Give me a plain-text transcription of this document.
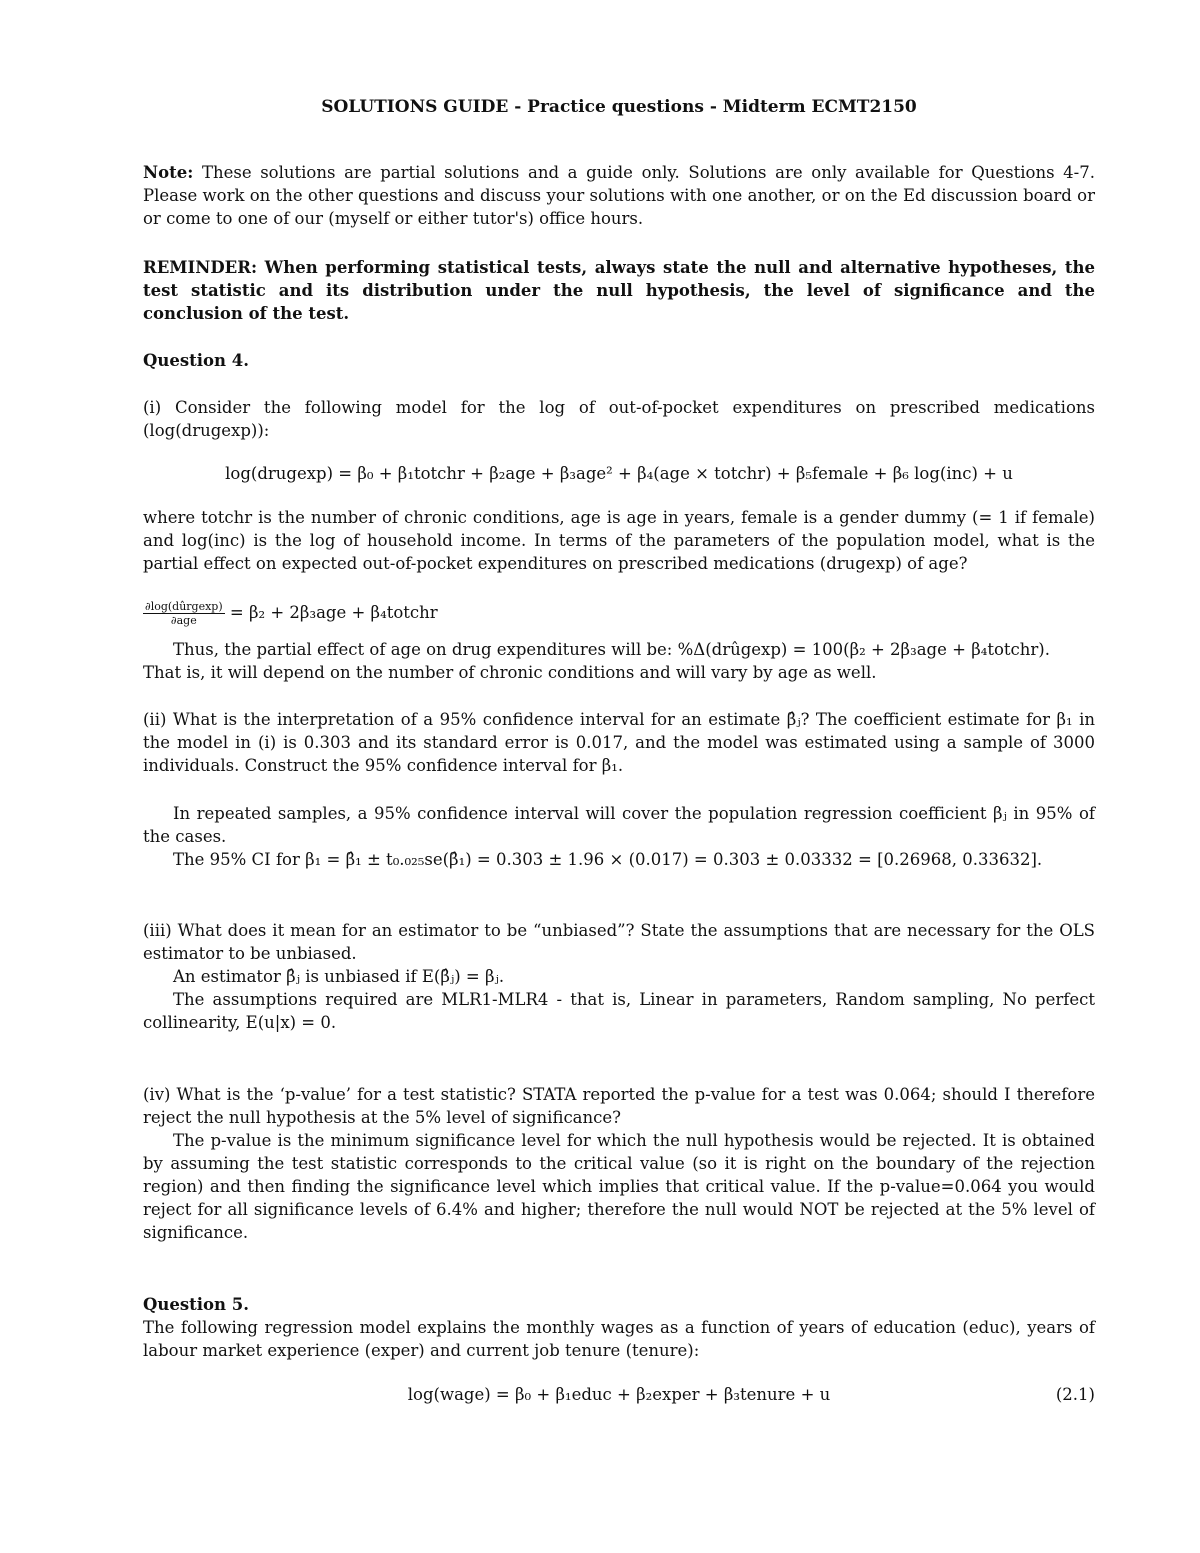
SOLUTIONS GUIDE - Practice questions - Midterm ECMT2150
Note: These solutions are partial solutions and a guide only. Solutions are only available for Questions 4-7. Please work on the other questions and discuss your solutions with one another, or on the Ed discussion board or or come to one of our (myself or either tutor's) office hours.
REMINDER: When performing statistical tests, always state the null and alternative hypotheses, the test statistic and its distribution under the null hypothesis, the level of significance and the conclusion of the test.
Question 4.
(i) Consider the following model for the log of out-of-pocket expenditures on prescribed medications (log(drugexp)):
log(drugexp) = β₀ + β₁totchr + β₂age + β₃age² + β₄(age × totchr) + β₅female + β₆ log(inc) + u
where totchr is the number of chronic conditions, age is age in years, female is a gender dummy (= 1 if female) and log(inc) is the log of household income. In terms of the parameters of the population model, what is the partial effect on expected out-of-pocket expenditures on prescribed medications (drugexp) of age?
$\frac{\text{∂log(dûrgexp)}}{\text{∂age}} = \beta_2 + 2\beta_3age$ + β₄totchr
Thus, the partial effect of age on drug expenditures will be: %Δ(drûgexp) = 100(β₂ + 2β₃age + β₄totchr).
That is, it will depend on the number of chronic conditions and will vary by age as well.
(ii) What is the interpretation of a 95% confidence interval for an estimate β̂ⱼ? The coefficient estimate for β₁ in the model in (i) is 0.303 and its standard error is 0.017, and the model was estimated using a sample of 3000 individuals. Construct the 95% confidence interval for β₁.
In repeated samples, a 95% confidence interval will cover the population regression coefficient βⱼ in 95% of the cases.
The 95% CI for β₁ = β̂₁ ± t₀.₀₂₅se(β̂₁) = 0.303 ± 1.96 × (0.017) = 0.303 ± 0.03332 = [0.26968, 0.33632].
(iii) What does it mean for an estimator to be “unbiased”? State the assumptions that are necessary for the OLS estimator to be unbiased.
An estimator β̂ⱼ is unbiased if E(β̂ⱼ) = βⱼ.
The assumptions required are MLR1-MLR4 - that is, Linear in parameters, Random sampling, No perfect collinearity, E(u|x) = 0.
(iv) What is the ‘p-value’ for a test statistic? STATA reported the p-value for a test was 0.064; should I therefore reject the null hypothesis at the 5% level of significance?
The p-value is the minimum significance level for which the null hypothesis would be rejected. It is obtained by assuming the test statistic corresponds to the critical value (so it is right on the boundary of the rejection region) and then finding the significance level which implies that critical value. If the p-value=0.064 you would reject for all significance levels of 6.4% and higher; therefore the null would NOT be rejected at the 5% level of significance.
Question 5.
The following regression model explains the monthly wages as a function of years of education (educ), years of labour market experience (exper) and current job tenure (tenure):
log(wage) = β₀ + β₁educ + β₂exper + β₃tenure + u	(2.1)
